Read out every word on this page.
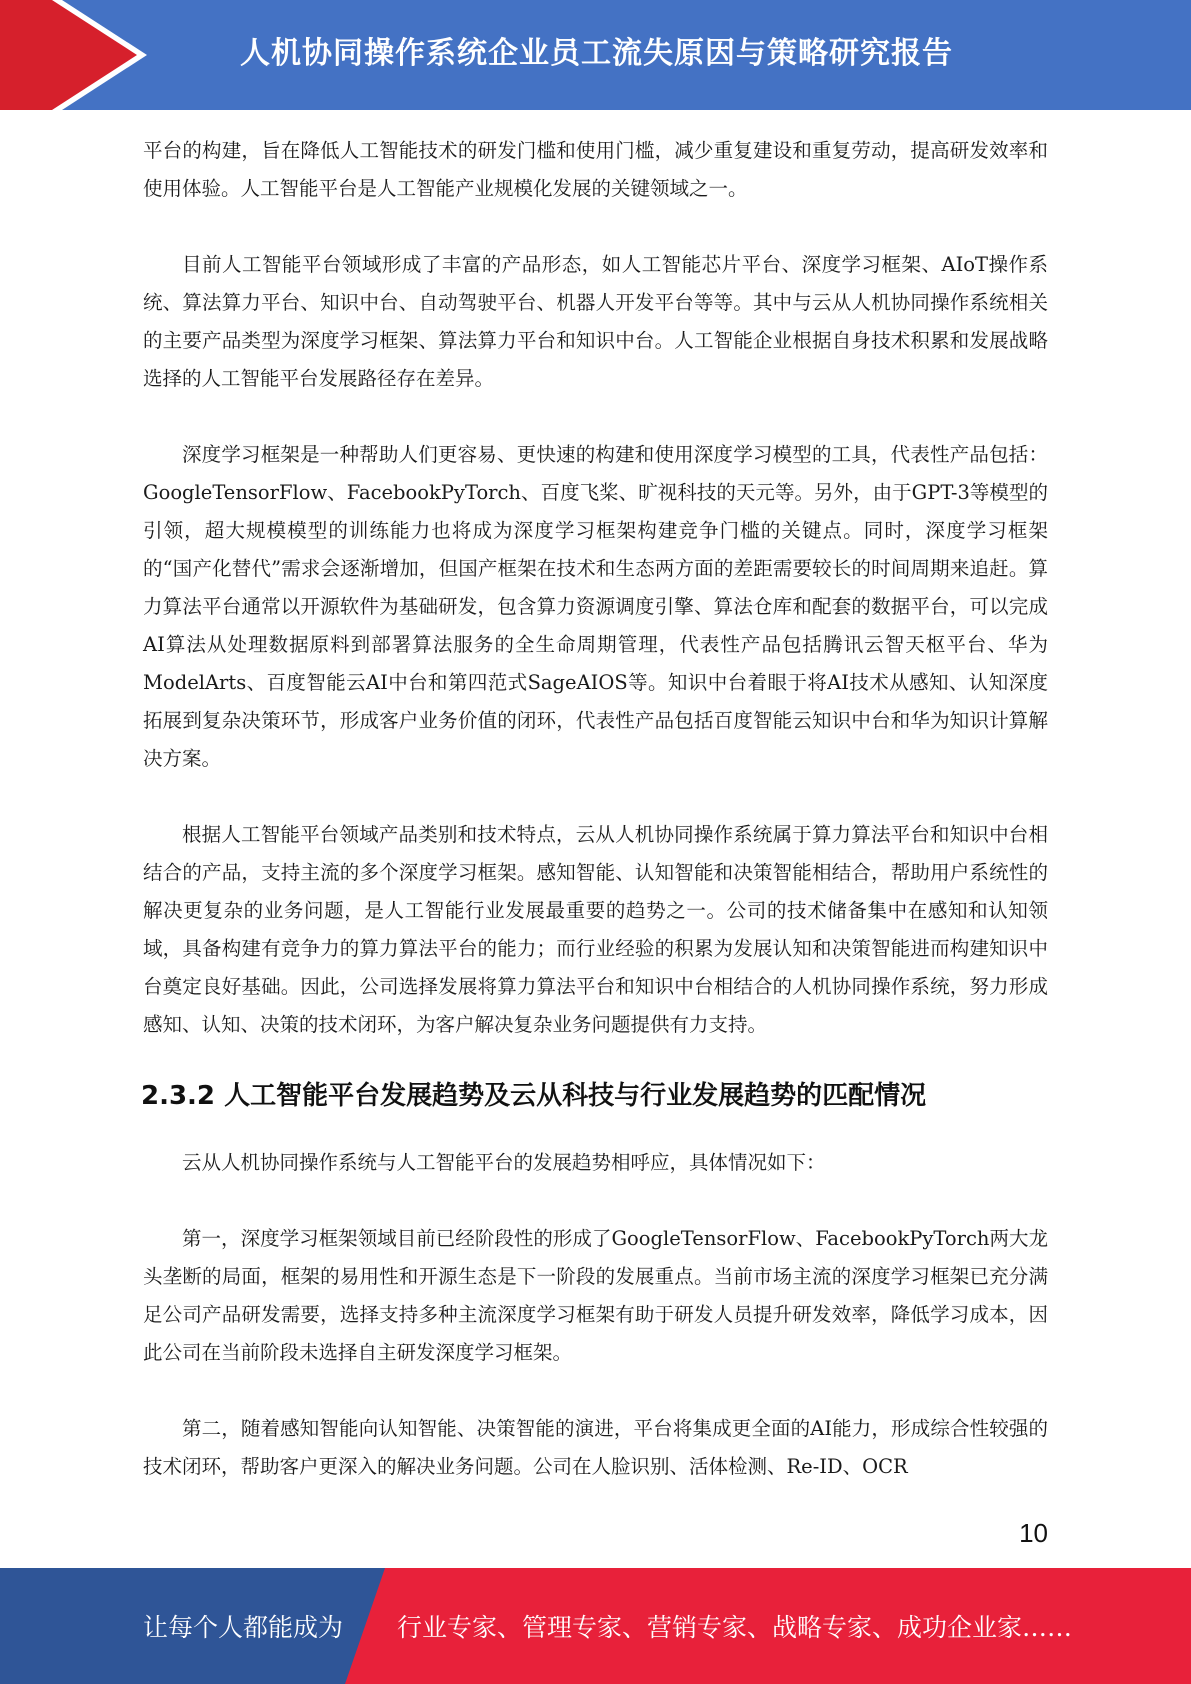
人机协同操作系统企业员工流失原因与策略研究报告

平台的构建，旨在降低人工智能技术的研发门槛和使用门槛，减少重复建设和重复劳动，提高研发效率和使用体验。人工智能平台是人工智能产业规模化发展的关键领域之一。

目前人工智能平台领域形成了丰富的产品形态，如人工智能芯片平台、深度学习框架、AIoT操作系统、算法算力平台、知识中台、自动驾驶平台、机器人开发平台等等。其中与云从人机协同操作系统相关的主要产品类型为深度学习框架、算法算力平台和知识中台。人工智能企业根据自身技术积累和发展战略选择的人工智能平台发展路径存在差异。

深度学习框架是一种帮助人们更容易、更快速的构建和使用深度学习模型的工具，代表性产品包括：GoogleTensorFlow、FacebookPyTorch、百度飞桨、旷视科技的天元等。另外，由于GPT-3等模型的引领，超大规模模型的训练能力也将成为深度学习框架构建竞争门槛的关键点。同时，深度学习框架的“国产化替代”需求会逐渐增加，但国产框架在技术和生态两方面的差距需要较长的时间周期来追赶。算力算法平台通常以开源软件为基础研发，包含算力资源调度引擎、算法仓库和配套的数据平台，可以完成AI算法从处理数据原料到部署算法服务的全生命周期管理，代表性产品包括腾讯云智天枢平台、华为ModelArts、百度智能云AI中台和第四范式SageAIOS等。知识中台着眼于将AI技术从感知、认知深度拓展到复杂决策环节，形成客户业务价值的闭环，代表性产品包括百度智能云知识中台和华为知识计算解决方案。

根据人工智能平台领域产品类别和技术特点，云从人机协同操作系统属于算力算法平台和知识中台相结合的产品，支持主流的多个深度学习框架。感知智能、认知智能和决策智能相结合，帮助用户系统性的解决更复杂的业务问题，是人工智能行业发展最重要的趋势之一。公司的技术储备集中在感知和认知领域，具备构建有竞争力的算力算法平台的能力；而行业经验的积累为发展认知和决策智能进而构建知识中台奠定良好基础。因此，公司选择发展将算力算法平台和知识中台相结合的人机协同操作系统，努力形成感知、认知、决策的技术闭环，为客户解决复杂业务问题提供有力支持。

2.3.2 人工智能平台发展趋势及云从科技与行业发展趋势的匹配情况

云从人机协同操作系统与人工智能平台的发展趋势相呼应，具体情况如下：

第一，深度学习框架领域目前已经阶段性的形成了GoogleTensorFlow、FacebookPyTorch两大龙头垄断的局面，框架的易用性和开源生态是下一阶段的发展重点。当前市场主流的深度学习框架已充分满足公司产品研发需要，选择支持多种主流深度学习框架有助于研发人员提升研发效率，降低学习成本，因此公司在当前阶段未选择自主研发深度学习框架。

第二，随着感知智能向认知智能、决策智能的演进，平台将集成更全面的AI能力，形成综合性较强的技术闭环，帮助客户更深入的解决业务问题。公司在人脸识别、活体检测、Re-ID、OCR

10
让每个人都能成为 行业专家、管理专家、营销专家、战略专家、成功企业家……
